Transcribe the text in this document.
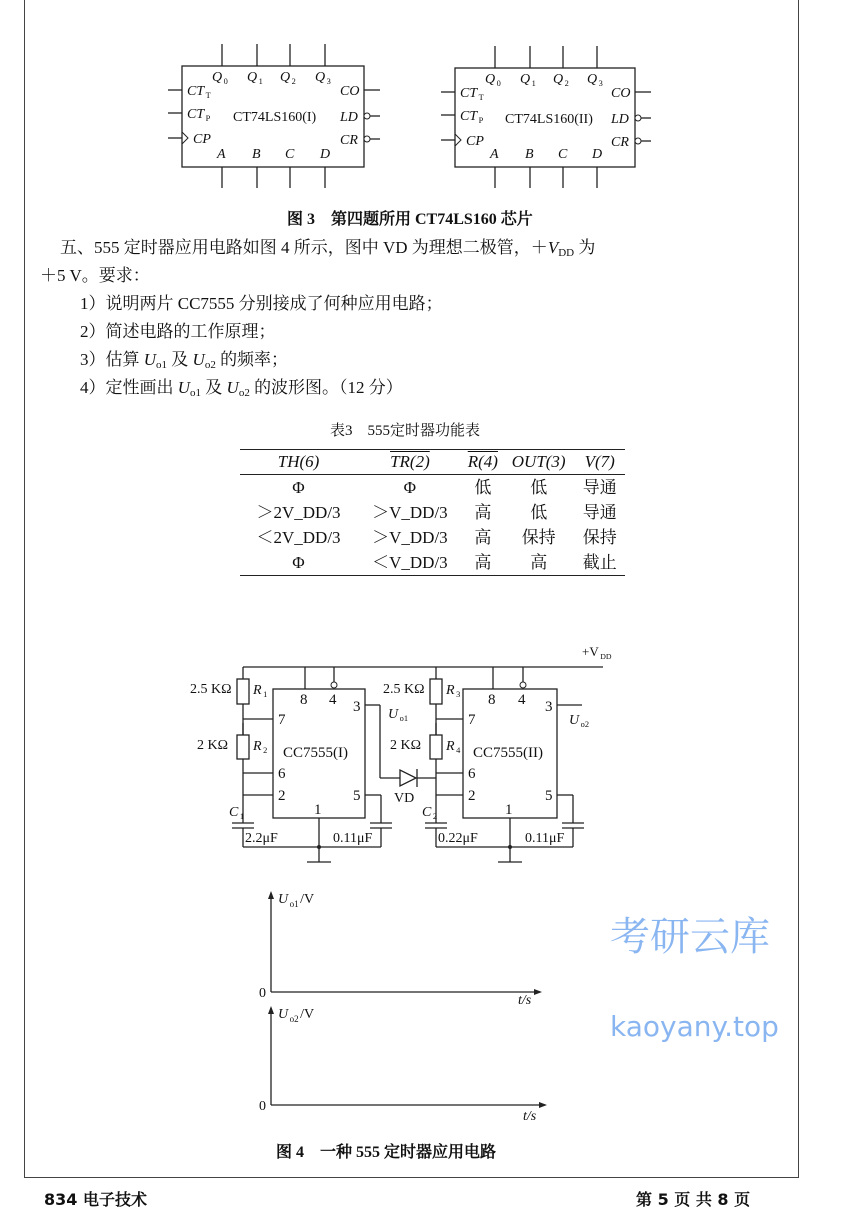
Q 0
A
Q 1
B
Q 2
C
Q 3
D
CT T
CT P
CP
CO
LD
CR
CT74LS160(I)
Q 0
A
Q 1
B
Q 2
C
Q 3
D
CT T
CT P
CP
CO
LD
CR
CT74LS160(II)
图 3　第四题所用 CT74LS160 芯片
五、555 定时器应用电路如图 4 所示，图中 VD 为理想二极管，$+V_{DD}$ 为
＋5 V。要求：
1）说明两片 CC7555 分别接成了何种应用电路；
2）简述电路的工作原理；
3）估算 $U_{o1}$ 及 $U_{o2}$ 的频率；
4）定性画出 $U_{o1}$ 及 $U_{o2}$ 的波形图。（12 分）
表3　555定时器功能表
TH(6)	TR(2)	R(4)	OUT(3)	V(7)
Φ	Φ	低	低	导通
＞2V_DD/3	＞V_DD/3	高	低	导通
＜2V_DD/3	＞V_DD/3	高	保持	保持
Φ	＜V_DD/3	高	高	截止
+V DD
8 4 3
7
6
2	5
1
CC7555(I)
2.5 KΩ R 1
2 KΩ R 2
C 1
2.2μF	0.11μF
8 4 3
7
6
2	5
1
CC7555(II)
2.5 KΩ R 3
2 KΩ R 4
C 2
0.22μF	0.11μF
VD
U o1	U o2
U o1 /V
0	t/s
U o2 /V
0
t/s
图 4　一种 555 定时器应用电路
考研云库
kaoyany.top
834 电子技术	第 5 页 共 8 页
